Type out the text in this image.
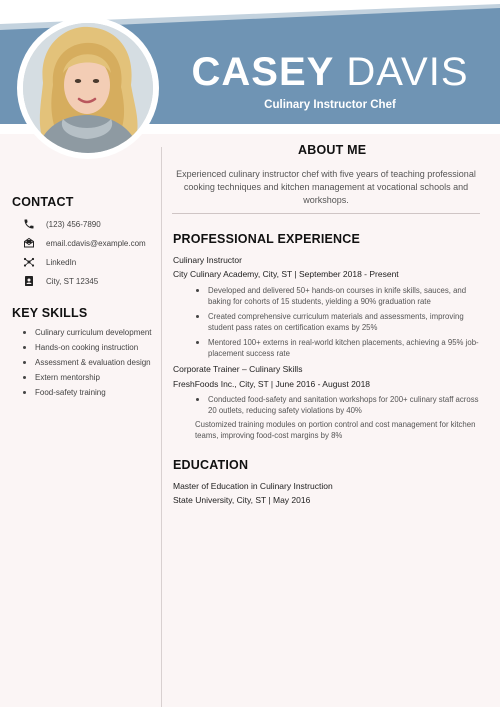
CASEY DAVIS
Culinary Instructor Chef
ABOUT ME
Experienced culinary instructor chef with five years of teaching professional cooking techniques and kitchen management at vocational schools and workshops.
CONTACT
(123) 456-7890
email.cdavis@example.com
LinkedIn
City, ST 12345
KEY SKILLS
Culinary curriculum development
Hands-on cooking instruction
Assessment & evaluation design
Extern mentorship
Food-safety training
PROFESSIONAL EXPERIENCE
Culinary Instructor
City Culinary Academy, City, ST | September 2018 - Present
Developed and delivered 50+ hands-on courses in knife skills, sauces, and baking for cohorts of 15 students, yielding a 90% graduation rate
Created comprehensive curriculum materials and assessments, improving student pass rates on certification exams by 25%
Mentored 100+ externs in real-world kitchen placements, achieving a 95% job-placement success rate
Corporate Trainer – Culinary Skills
FreshFoods Inc., City, ST | June 2016 - August 2018
Conducted food-safety and sanitation workshops for 200+ culinary staff across 20 outlets, reducing safety violations by 40%
Customized training modules on portion control and cost management for kitchen teams, improving food-cost margins by 8%
EDUCATION
Master of Education in Culinary Instruction
State University, City, ST | May 2016
